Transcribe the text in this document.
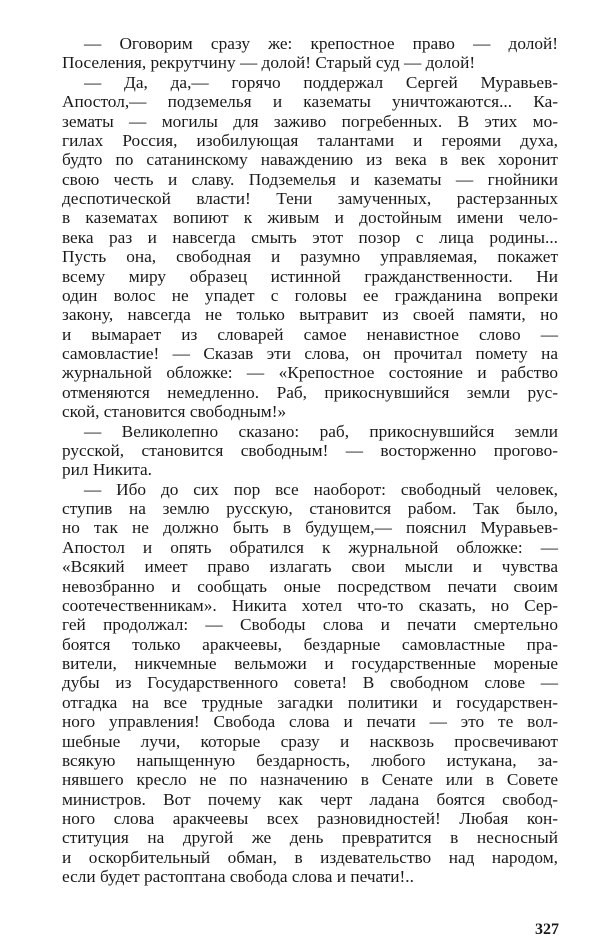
— Оговорим сразу же: крепостное право — долой!
Поселения, рекрутчину — долой! Старый суд — долой!
— Да, да,— горячо поддержал Сергей Муравьев-
Апостол,— подземелья и казематы уничтожаются... Ка-
зематы — могилы для заживо погребенных. В этих мо-
гилах Россия, изобилующая талантами и героями духа,
будто по сатанинскому наваждению из века в век хоронит
свою честь и славу. Подземелья и казематы — гнойники
деспотической власти! Тени замученных, растерзанных
в казематах вопиют к живым и достойным имени чело-
века раз и навсегда смыть этот позор с лица родины...
Пусть она, свободная и разумно управляемая, покажет
всему миру образец истинной гражданственности. Ни
один волос не упадет с головы ее гражданина вопреки
закону, навсегда не только вытравит из своей памяти, но
и вымарает из словарей самое ненавистное слово —
самовластие! — Сказав эти слова, он прочитал помету на
журнальной обложке: — «Крепостное состояние и рабство
отменяются немедленно. Раб, прикоснувшийся земли рус-
ской, становится свободным!»
— Великолепно сказано: раб, прикоснувшийся земли
русской, становится свободным! — восторженно прогово-
рил Никита.
— Ибо до сих пор все наоборот: свободный человек,
ступив на землю русскую, становится рабом. Так было,
но так не должно быть в будущем,— пояснил Муравьев-
Апостол и опять обратился к журнальной обложке: —
«Всякий имеет право излагать свои мысли и чувства
невозбранно и сообщать оные посредством печати своим
соотечественникам». Никита хотел что-то сказать, но Сер-
гей продолжал: — Свободы слова и печати смертельно
боятся только аракчеевы, бездарные самовластные пра-
вители, никчемные вельможи и государственные мореные
дубы из Государственного совета! В свободном слове —
отгадка на все трудные загадки политики и государствен-
ного управления! Свобода слова и печати — это те вол-
шебные лучи, которые сразу и насквозь просвечивают
всякую напыщенную бездарность, любого истукана, за-
нявшего кресло не по назначению в Сенате или в Совете
министров. Вот почему как черт ладана боятся свобод-
ного слова аракчеевы всех разновидностей! Любая кон-
ституция на другой же день превратится в несносный
и оскорбительный обман, в издевательство над народом,
если будет растоптана свобода слова и печати!..
327
